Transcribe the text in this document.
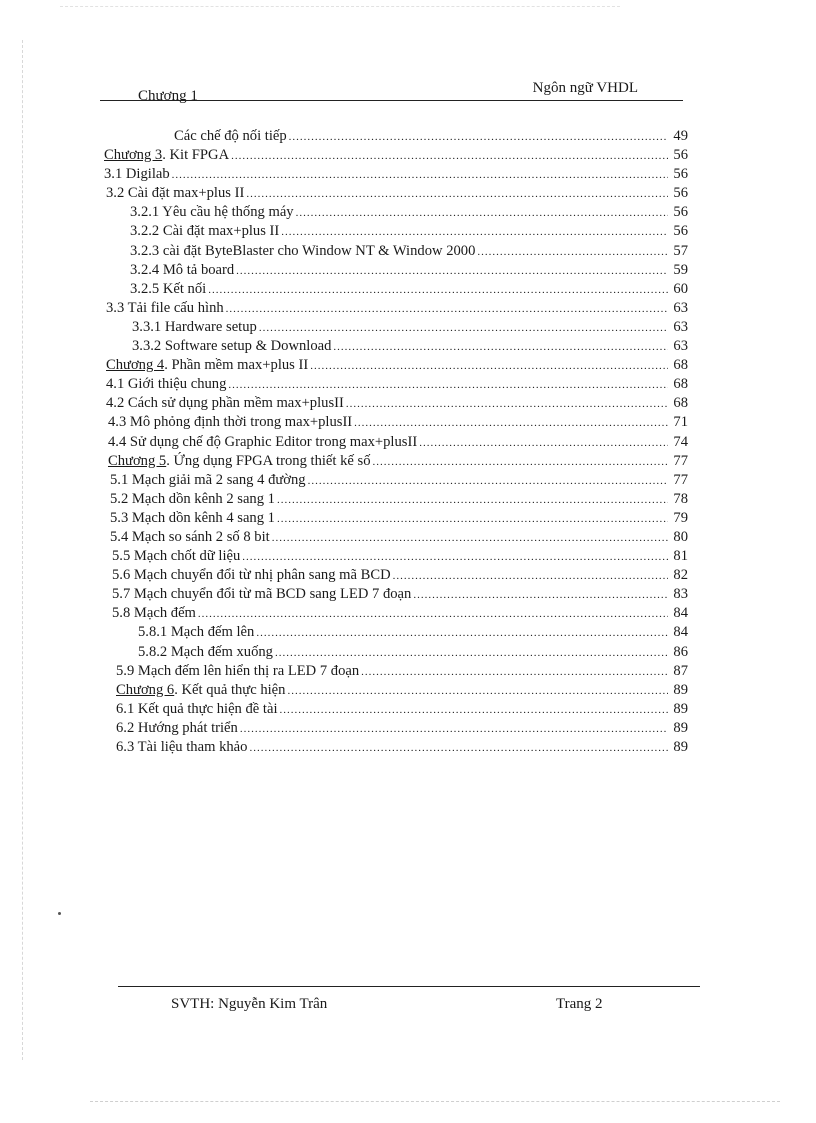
Chương 1	Ngôn ngữ VHDL
Các chế độ nối tiếp .....	49
Chương 3. Kit FPGA .....	56
3.1 Digilab .....	56
3.2 Cài đặt max+plus II .....	56
3.2.1 Yêu cầu hệ thống máy .....	56
3.2.2 Cài đặt max+plus II .....	56
3.2.3 cài đặt ByteBlaster cho Window NT & Window 2000 .....	57
3.2.4 Mô tả board .....	59
3.2.5 Kết nối .....	60
3.3 Tải file cấu hình .....	63
3.3.1 Hardware setup .....	63
3.3.2 Software setup & Download .....	63
Chương 4. Phần mềm max+plus II .....	68
4.1 Giới thiệu chung .....	68
4.2 Cách sử dụng phần mềm max+plusII .....	68
4.3 Mô phỏng định thời trong max+plusII .....	71
4.4 Sử dụng chế độ Graphic Editor trong max+plusII .....	74
Chương 5. Ứng dụng FPGA trong thiết kế số .....	77
5.1 Mạch giải mã 2 sang 4 đường .....	77
5.2 Mạch dồn kênh 2 sang 1 .....	78
5.3 Mạch dồn kênh 4 sang 1 .....	79
5.4 Mạch so sánh 2 số 8 bit .....	80
5.5 Mạch chốt dữ liệu .....	81
5.6 Mạch chuyển đổi từ nhị phân sang mã BCD .....	82
5.7 Mạch chuyển đổi từ mã BCD sang LED 7 đoạn .....	83
5.8 Mạch đếm .....	84
5.8.1 Mạch đếm lên .....	84
5.8.2 Mạch đếm xuống .....	86
5.9 Mạch đếm lên hiển thị ra LED 7 đoạn .....	87
Chương 6. Kết quả thực hiện .....	89
6.1 Kết quả thực hiện đề tài .....	89
6.2 Hướng phát triển .....	89
6.3 Tài liệu tham khảo .....	89
SVTH: Nguyễn Kim Trân	Trang 2
